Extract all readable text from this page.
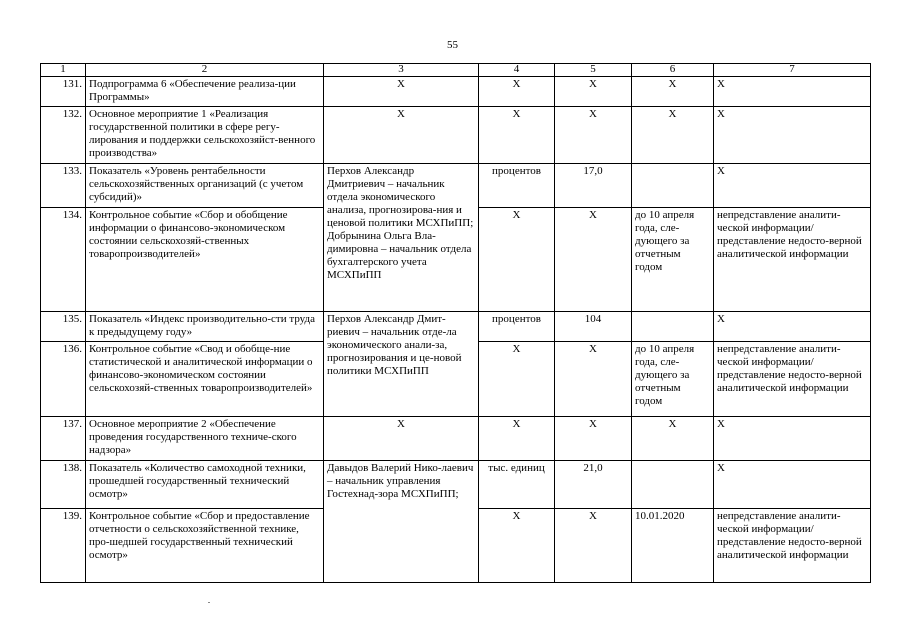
55
1	2	3	4	5	6	7
131.	Подпрограмма 6 «Обеспечение реализа-ции Программы»	Х	Х	Х	Х	Х
132.	Основное мероприятие 1 «Реализация государственной политики в сфере регу-лирования и поддержки сельскохозяйст-венного производства»	Х	Х	Х	Х	Х
133.	Показатель «Уровень рентабельности сельскохозяйственных организаций (с учетом субсидий)»	Перхов Александр Дмитриевич – начальник отдела экономического анализа, прогнозирова-ния и ценовой политики МСХПиПП; Добрынина Ольга Вла-димировна – начальник отдела бухгалтерского учета МСХПиПП	процентов	17,0		Х
134.	Контрольное событие «Сбор и обобщение информации о финансово-экономическом состоянии сельскохозяй-ственных товаропроизводителей»		Х	Х	до 10 апреля года, сле-дующего за отчетным годом	непредставление аналити-ческой информации/ представление недосто-верной аналитической информации
135.	Показатель «Индекс производительно-сти труда к предыдущему году»	Перхов Александр Дмит-риевич – начальник отде-ла экономического анали-за, прогнозирования и це-новой политики МСХПиПП	процентов	104		Х
136.	Контрольное событие «Свод и обобще-ние статистической и аналитической информации о финансово-экономическом состоянии сельскохозяй-ственных товаропроизводителей»		Х	Х	до 10 апреля года, сле-дующего за отчетным годом	непредставление аналити-ческой информации/ представление недосто-верной аналитической информации
137.	Основное мероприятие 2 «Обеспечение проведения государственного техниче-ского надзора»	Х	Х	Х	Х	Х
138.	Показатель «Количество самоходной техники, прошедшей государственный технический осмотр»	Давыдов Валерий Нико-лаевич – начальник управления Гостехнад-зора МСХПиПП;	тыс. единиц	21,0		Х
139.	Контрольное событие «Сбор и предоставление отчетности о сельскохозяйственной технике, про-шедшей государственный технический осмотр»		Х	Х	10.01.2020	непредставление аналити-ческой информации/ представление недосто-верной аналитической информации
